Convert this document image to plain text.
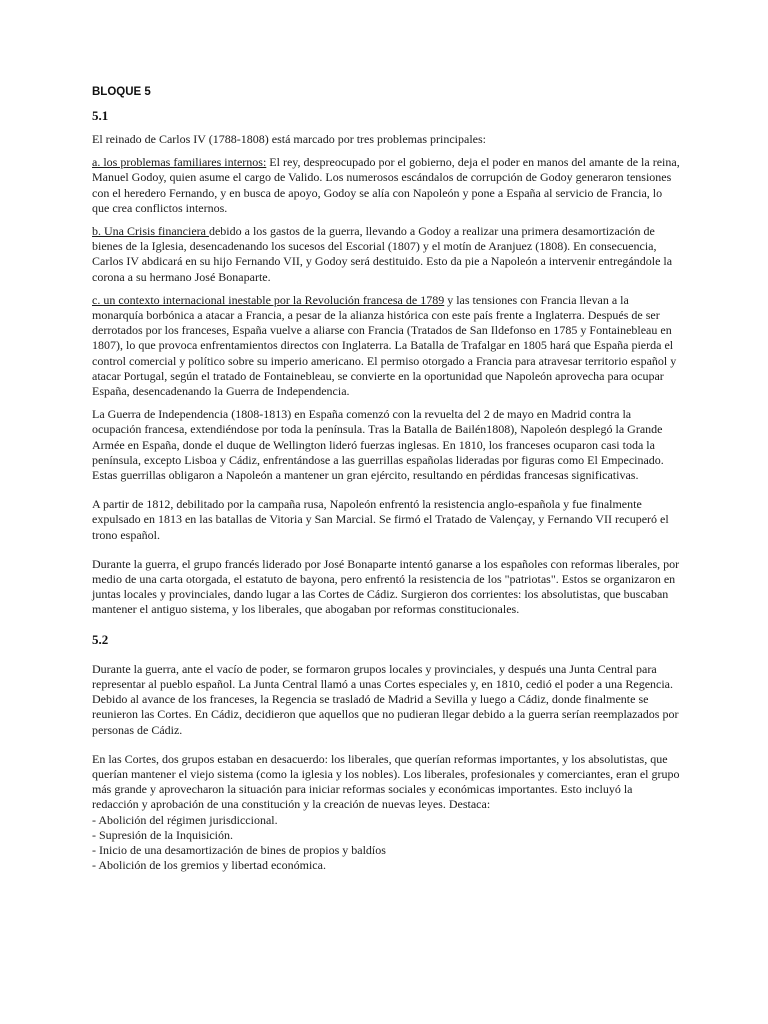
BLOQUE 5
5.1

El reinado de Carlos IV (1788-1808) está marcado por tres problemas principales:

a. los problemas familiares internos: El rey, despreocupado por el gobierno, deja el poder en manos del amante de la reina, Manuel Godoy, quien asume el cargo de Valido. Los numerosos escándalos de corrupción de Godoy generaron tensiones con el heredero Fernando, y en busca de apoyo, Godoy se alía con Napoleón y pone a España al servicio de Francia, lo que crea conflictos internos.

b. Una Crisis financiera debido a los gastos de la guerra, llevando a Godoy a realizar una primera desamortización de bienes de la Iglesia, desencadenando los sucesos del Escorial (1807) y el motín de Aranjuez (1808). En consecuencia, Carlos IV abdicará en su hijo Fernando VII, y Godoy será destituido. Esto da pie a Napoleón a intervenir entregándole la corona a su hermano José Bonaparte.

c. un contexto internacional inestable por la Revolución francesa de 1789 y las tensiones con Francia llevan a la monarquía borbónica a atacar a Francia, a pesar de la alianza histórica con este país frente a Inglaterra. Después de ser derrotados por los franceses, España vuelve a aliarse con Francia (Tratados de San Ildefonso en 1785 y Fontainebleau en 1807), lo que provoca enfrentamientos directos con Inglaterra. La Batalla de Trafalgar en 1805 hará que España pierda el control comercial y político sobre su imperio americano. El permiso otorgado a Francia para atravesar territorio español y atacar Portugal, según el tratado de Fontainebleau, se convierte en la oportunidad que Napoleón aprovecha para ocupar España, desencadenando la Guerra de Independencia.

La Guerra de Independencia (1808-1813) en España comenzó con la revuelta del 2 de mayo en Madrid contra la ocupación francesa, extendiéndose por toda la península. Tras la Batalla de Bailén1808), Napoleón desplegó la Grande Armée en España, donde el duque de Wellington lideró fuerzas inglesas. En 1810, los franceses ocuparon casi toda la península, excepto Lisboa y Cádiz, enfrentándose a las guerrillas españolas lideradas por figuras como El Empecinado. Estas guerrillas obligaron a Napoleón a mantener un gran ejército, resultando en pérdidas francesas significativas.

A partir de 1812, debilitado por la campaña rusa, Napoleón enfrentó la resistencia anglo-española y fue finalmente expulsado en 1813 en las batallas de Vitoria y San Marcial. Se firmó el Tratado de Valençay, y Fernando VII recuperó el trono español.

Durante la guerra, el grupo francés liderado por José Bonaparte intentó ganarse a los españoles con reformas liberales, por medio de una carta otorgada, el estatuto de bayona, pero enfrentó la resistencia de los "patriotas". Estos se organizaron en juntas locales y provinciales, dando lugar a las Cortes de Cádiz. Surgieron dos corrientes: los absolutistas, que buscaban mantener el antiguo sistema, y los liberales, que abogaban por reformas constitucionales.

5.2

Durante la guerra, ante el vacío de poder, se formaron grupos locales y provinciales, y después una Junta Central para representar al pueblo español. La Junta Central llamó a unas Cortes especiales y, en 1810, cedió el poder a una Regencia. Debido al avance de los franceses, la Regencia se trasladó de Madrid a Sevilla y luego a Cádiz, donde finalmente se reunieron las Cortes. En Cádiz, decidieron que aquellos que no pudieran llegar debido a la guerra serían reemplazados por personas de Cádiz.

En las Cortes, dos grupos estaban en desacuerdo: los liberales, que querían reformas importantes, y los absolutistas, que querían mantener el viejo sistema (como la iglesia y los nobles). Los liberales, profesionales y comerciantes, eran el grupo más grande y aprovecharon la situación para iniciar reformas sociales y económicas importantes. Esto incluyó la redacción y aprobación de una constitución y la creación de nuevas leyes. Destaca:

- Abolición del régimen jurisdiccional.
- Supresión de la Inquisición.
- Inicio de una desamortización de bines de propios y baldíos
- Abolición de los gremios y libertad económica.
